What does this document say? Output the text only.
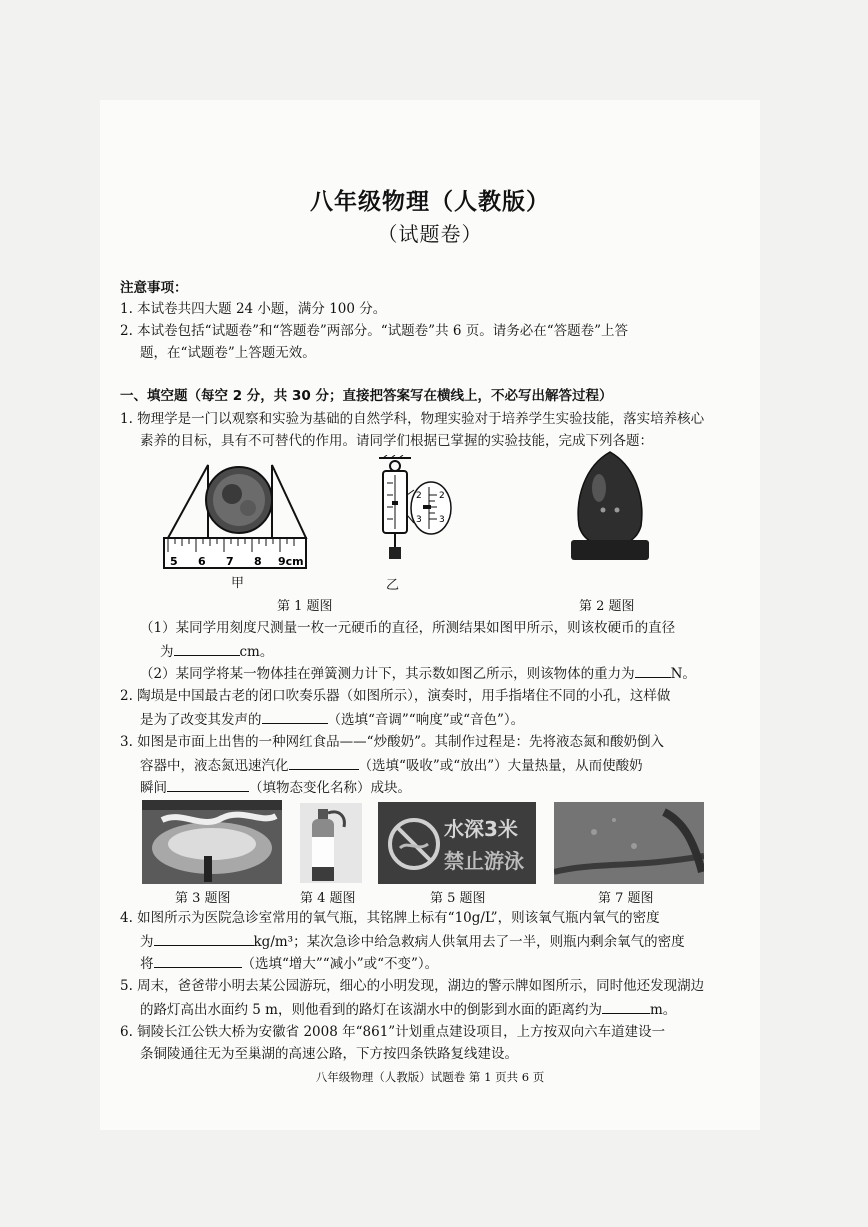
八年级物理（人教版）
（试题卷）
注意事项：
1. 本试卷共四大题 24 小题，满分 100 分。
2. 本试卷包括“试题卷”和“答题卷”两部分。“试题卷”共 6 页。请务必在“答题卷”上答
题，在“试题卷”上答题无效。
一、填空题（每空 2 分，共 30 分；直接把答案写在横线上，不必写出解答过程）
1. 物理学是一门以观察和实验为基础的自然学科，物理实验对于培养学生实验技能，落实培养核心
素养的目标，具有不可替代的作用。请同学们根据已掌握的实验技能，完成下列各题：
5 6 7 8 9cm
甲
2
3
2
3
乙
第 1 题图	第 2 题图
（1）某同学用刻度尺测量一枚一元硬币的直径，所测结果如图甲所示，则该枚硬币的直径
为	cm。
（2）某同学将某一物体挂在弹簧测力计下，其示数如图乙所示，则该物体的重力为	N。
2. 陶埙是中国最古老的闭口吹奏乐器（如图所示），演奏时，用手指堵住不同的小孔，这样做
是为了改变其发声的	（选填“音调”“响度”或“音色”）。
3. 如图是市面上出售的一种网红食品——“炒酸奶”。其制作过程是：先将液态氮和酸奶倒入
容器中，液态氮迅速汽化	（选填“吸收”或“放出”）大量热量，从而使酸奶
瞬间	（填物态变化名称）成块。
水深3米
禁止游泳
第 3 题图	第 4 题图	第 5 题图	第 7 题图
4. 如图所示为医院急诊室常用的氧气瓶，其铭牌上标有“10g/L”，则该氧气瓶内氧气的密度
为	kg/m³；某次急诊中给急救病人供氧用去了一半，则瓶内剩余氧气的密度
将	（选填“增大”“减小”或“不变”）。
5. 周末，爸爸带小明去某公园游玩，细心的小明发现，湖边的警示牌如图所示，同时他还发现湖边
的路灯高出水面约 5 m，则他看到的路灯在该湖水中的倒影到水面的距离约为	m。
6. 铜陵长江公铁大桥为安徽省 2008 年“861”计划重点建设项目，上方按双向六车道建设一
条铜陵通往无为至巢湖的高速公路，下方按四条铁路复线建设。
八年级物理（人教版）试题卷 第 1 页共 6 页
